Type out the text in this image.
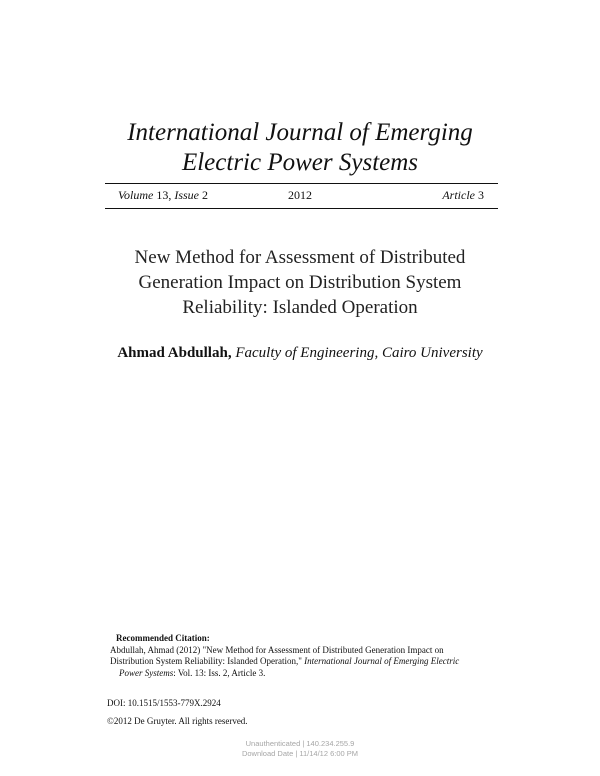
International Journal of Emerging
Electric Power Systems
Volume 13, Issue 2	2012	Article 3
New Method for Assessment of Distributed
Generation Impact on Distribution System
Reliability: Islanded Operation
Ahmad Abdullah, Faculty of Engineering, Cairo University
Recommended Citation:
Abdullah, Ahmad (2012) "New Method for Assessment of Distributed Generation Impact on
Distribution System Reliability: Islanded Operation," International Journal of Emerging Electric
Power Systems: Vol. 13: Iss. 2, Article 3.
DOI: 10.1515/1553-779X.2924
©2012 De Gruyter. All rights reserved.
Unauthenticated | 140.234.255.9
Download Date | 11/14/12 6:00 PM
